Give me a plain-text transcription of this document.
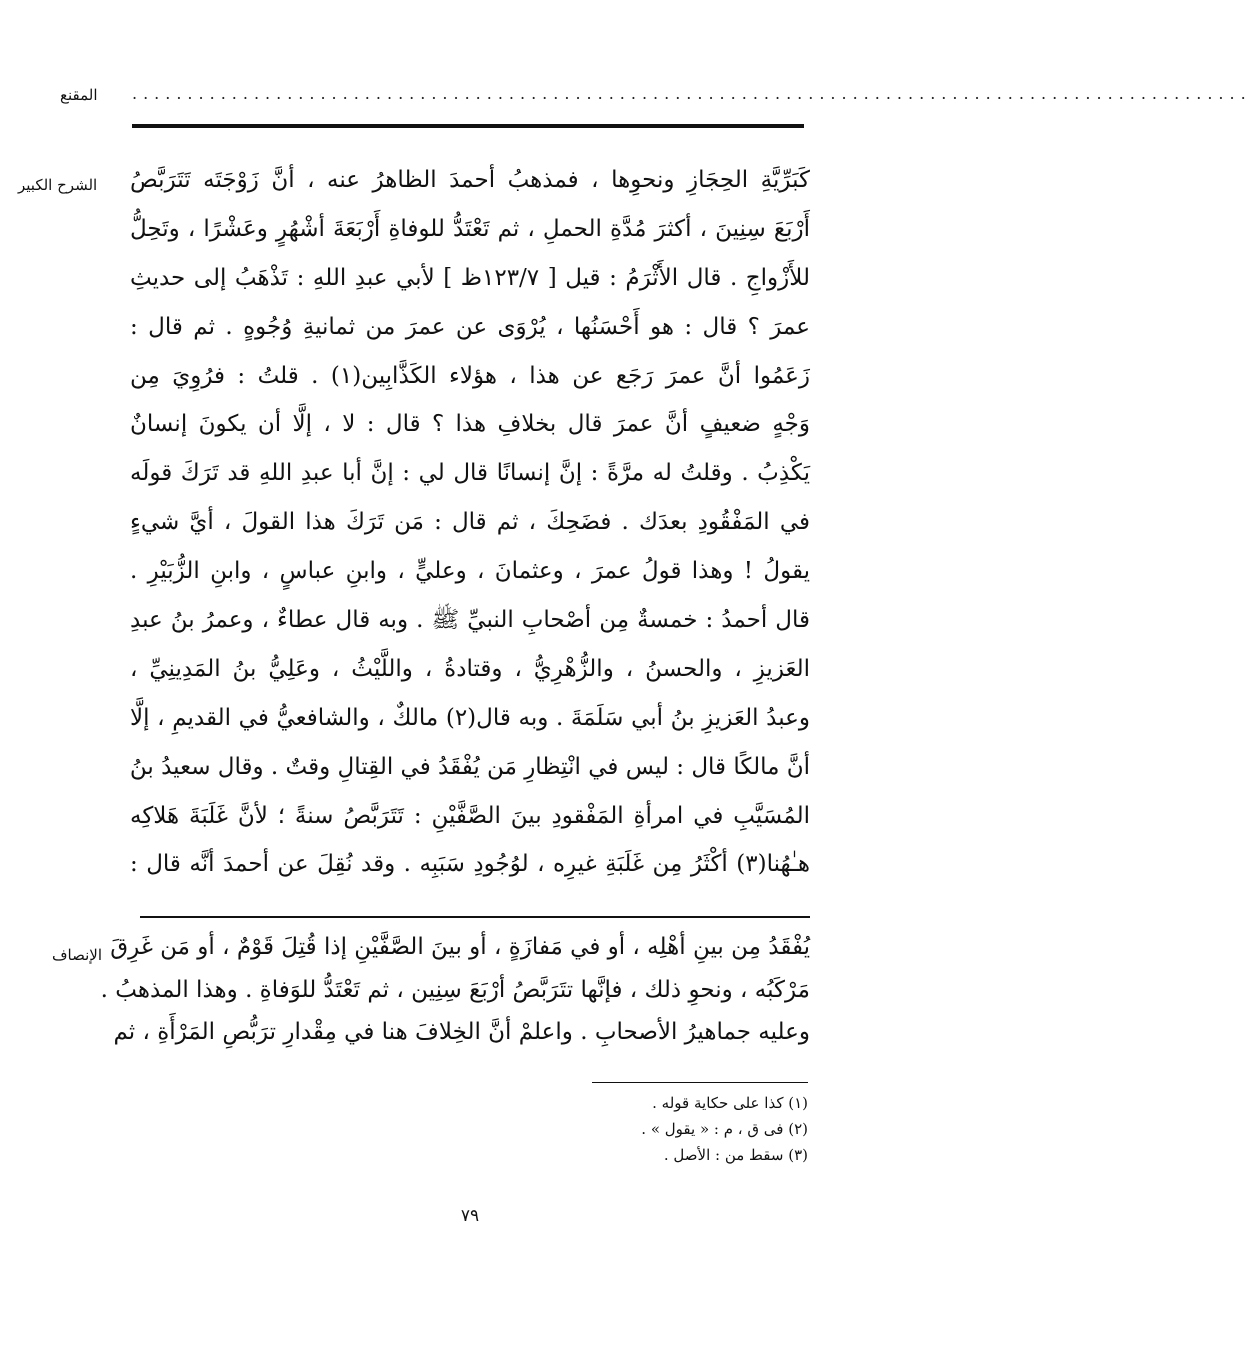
المقنع .....................................................................................................
الشرح الكبير كَبَرِّيَّةِ الحِجَازِ ونحوِها ، فمذهبُ أحمدَ الظاهرُ عنه ، أنَّ زَوْجَتَه تَتَرَبَّصُ
أَرْبَعَ سِنِينَ ، أكثرَ مُدَّةِ الحملِ ، ثم تَعْتَدُّ للوفاةِ أَرْبَعَةَ أشْهُرٍ وعَشْرًا ، وتَحِلُّ
للأَزْواجِ . قال الأَثْرَمُ : قيل [ ١٢٣/٧ظ ] لأبي عبدِ اللهِ : تَذْهَبُ إلى حديثِ
عمرَ ؟ قال : هو أَحْسَنُها ، يُرْوَى عن عمرَ من ثمانيةِ وُجُوهٍ . ثم قال :
زَعَمُوا أنَّ عمرَ رَجَع عن هذا ، هؤلاء الكَذَّابِين(١) . قلتُ : فرُوِيَ مِن
وَجْهٍ ضعيفٍ أنَّ عمرَ قال بخلافِ هذا ؟ قال : لا ، إلَّا أن يكونَ إنسانٌ
يَكْذِبُ . وقلتُ له مرَّةً : إنَّ إنسانًا قال لي : إنَّ أبا عبدِ اللهِ قد تَرَكَ قولَه
في المَفْقُودِ بعدَك . فضَحِكَ ، ثم قال : مَن تَرَكَ هذا القولَ ، أيَّ شيءٍ
يقولُ ! وهذا قولُ عمرَ ، وعثمانَ ، وعليٍّ ، وابنِ عباسٍ ، وابنِ الزُّبَيْرِ .
قال أحمدُ : خمسةٌ مِن أصْحابِ النبيِّ ﷺ . وبه قال عطاءٌ ، وعمرُ بنُ عبدِ
العَزيزِ ، والحسنُ ، والزُّهْرِيُّ ، وقتادةُ ، واللَّيْثُ ، وعَلِيُّ بنُ المَدِينِيِّ ،
وعبدُ العَزيزِ بنُ أبي سَلَمَةَ . وبه قال(٢) مالكٌ ، والشافعيُّ في القديمِ ، إلَّا
أنَّ مالكًا قال : ليس في انْتِظارِ مَن يُفْقَدُ في القِتالِ وقتٌ . وقال سعيدُ بنُ
المُسَيَّبِ في امرأةِ المَفْقودِ بينَ الصَّفَّيْنِ : تَتَرَبَّصُ سنةً ؛ لأنَّ غَلَبَةَ هَلاكِه
هـٰهُنا(٣) أكْثَرُ مِن غَلَبَةِ غيرِه ، لوُجُودِ سَبَبِه . وقد نُقِلَ عن أحمدَ أنَّه قال :
الإنصاف يُفْقَدُ مِن بينِ أهْلِه ، أو في مَفازَةٍ ، أو بينَ الصَّفَّيْنِ إذا قُتِلَ قَوْمٌ ، أو مَن غَرِقَ
مَرْكَبُه ، ونحوِ ذلك ، فإنَّها تتَرَبَّصُ أرْبَعَ سِنِين ، ثم تَعْتَدُّ للوَفاةِ . وهذا المذهبُ .
وعليه جماهيرُ الأصحابِ . واعلمْ أنَّ الخِلافَ هنا في مِقْدارِ ترَبُّصِ المَرْأَةِ ، ثم
(١) كذا على حكاية قوله .
(٢) فى ق ، م : « يقول » .
(٣) سقط من : الأصل .
٧٩
